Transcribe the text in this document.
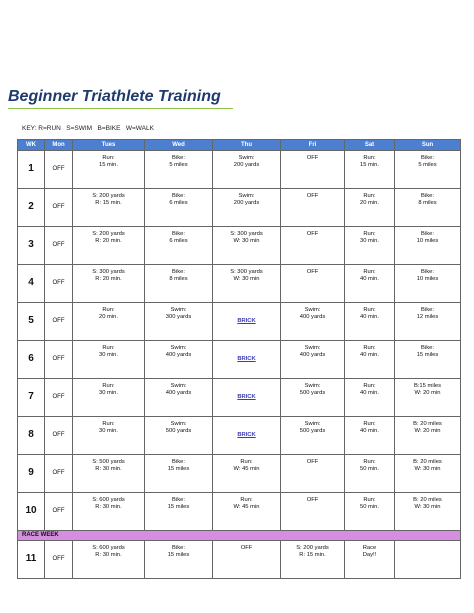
Beginner Triathlete Training
KEY: R=RUN   S=SWIM   B=BIKE   W=WALK
WK	Mon	Tues	Wed	Thu	Fri	Sat	Sun
1	OFF	Run:
15 min.	Bike:
5 miles	Swim:
200 yards	OFF	Run:
15 min.	Bike:
5 miles

2	OFF	S: 200 yards
R: 15 min.	Bike:
6 miles	Swim:
200 yards	OFF	Run:
20 min.	Bike:
8 miles

3	OFF	S: 200 yards
R: 20 min.	Bike:
6 miles	S: 300 yards
W: 30 min	OFF	Run:
30 min.	Bike:
10 miles

4	OFF	S: 300 yards
R: 20 min.	Bike:
8 miles	S: 300 yards
W: 30 min	OFF	Run:
40 min.	Bike:
10 miles

5	OFF	Run:
20 min.	Swim:
300 yards	BRICK	Swim:
400 yards	Run:
40 min.	Bike:
12 miles

6	OFF	Run:
30 min.	Swim:
400 yards	BRICK	Swim:
400 yards	Run:
40 min.	Bike:
15 miles

7	OFF	Run:
30 min.	Swim:
400 yards	BRICK	Swim:
500 yards	Run:
40 min.	B:15 miles
W: 20 min

8	OFF	Run:
30 min.	Swim:
500 yards	BRICK	Swim:
500 yards	Run:
40 min.	B: 20 miles
W: 20 min

9	OFF	S: 500 yards
R: 30 min.	Bike:
15 miles	Run:
W: 45 min	OFF	Run:
50 min.	B: 20 miles
W: 30 min

10	OFF	S: 600 yards
R: 30 min.	Bike:
15 miles	Run:
W: 45 min	OFF	Run:
50 min.	B: 20 miles
W: 30 min

RACE WEEK							
11	OFF	S: 600 yards
R: 30 min.	Bike:
15 miles	OFF	S: 200 yards
R: 15 min.	Race
Day!!	
